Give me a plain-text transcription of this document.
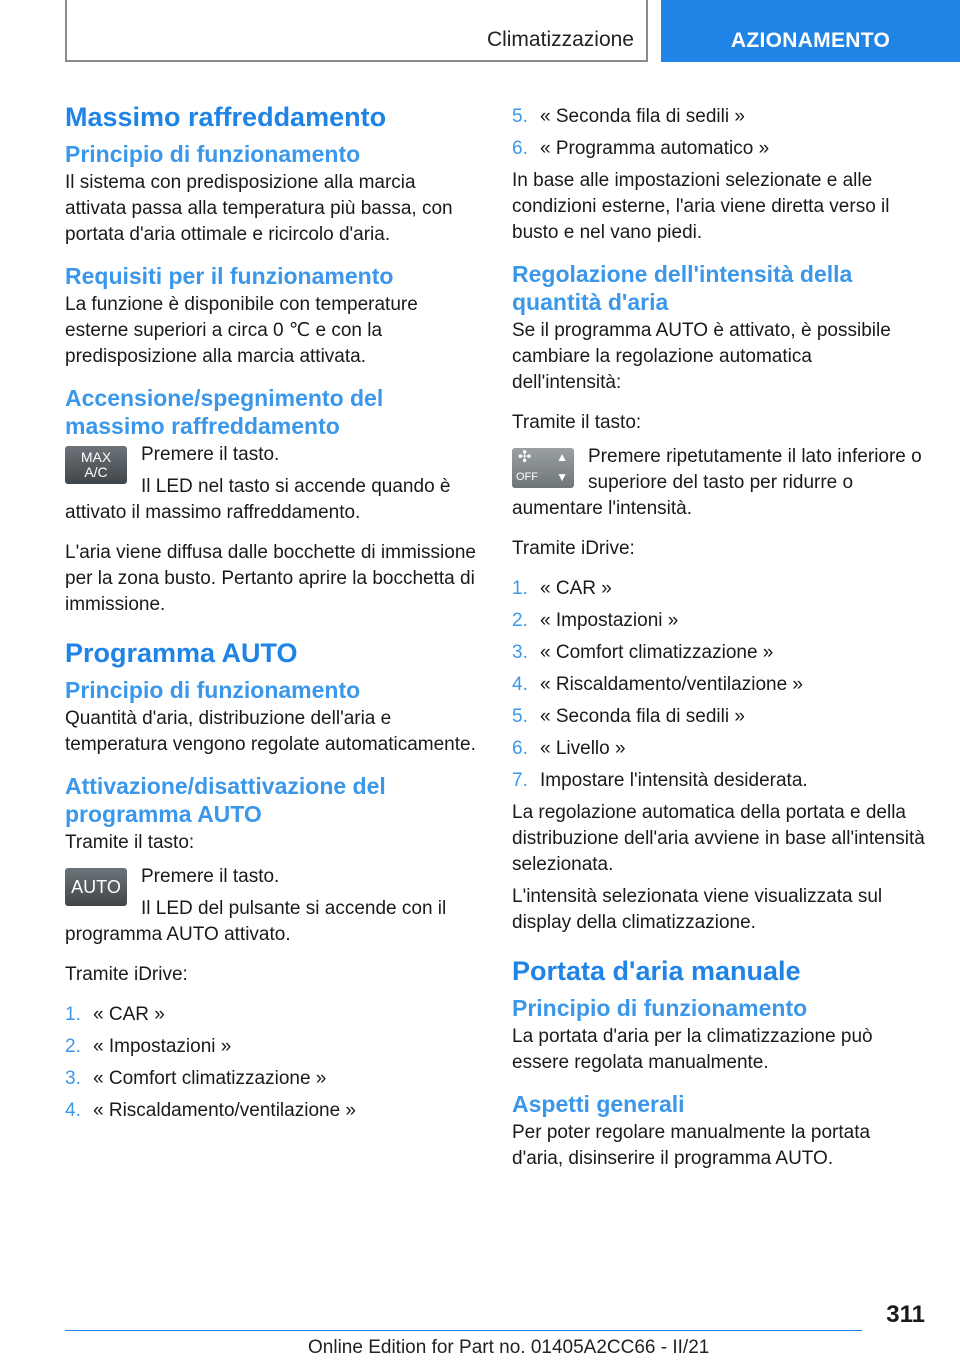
Climatizzazione	AZIONAMENTO
Massimo raffreddamento
Principio di funzionamento

Il sistema con predisposizione alla marcia attivata passa alla temperatura più bassa, con portata d'aria ottimale e ricircolo d'aria.

Requisiti per il funzionamento

La funzione è disponibile con temperature esterne superiori a circa 0 ℃ e con la predisposizione alla marcia attivata.

Accensione/spegnimento del massimo raffreddamento
MAX A/C

Premere il tasto.

Il LED nel tasto si accende quando è attivato il massimo raffreddamento.

L'aria viene diffusa dalle bocchette di immissione per la zona busto. Pertanto aprire la bocchetta di immissione.

Programma AUTO
Principio di funzionamento

Quantità d'aria, distribuzione dell'aria e temperatura vengono regolate automaticamente.

Attivazione/disattivazione del programma AUTO

Tramite il tasto:

AUTO	Premere il tasto.

Il LED del pulsante si accende con il programma AUTO attivato.

Tramite iDrive:

1. « CAR »
2. « Impostazioni »
3. « Comfort climatizzazione »
4. « Riscaldamento/ventilazione »
5. « Seconda fila di sedili »
6. « Programma automatico »

In base alle impostazioni selezionate e alle condizioni esterne, l'aria viene diretta verso il busto e nel vano piedi.

Regolazione dell'intensità della quantità d'aria

Se il programma AUTO è attivato, è possibile cambiare la regolazione automatica dell'intensità:

Tramite il tasto:

✣
OFF
▲
▼

Premere ripetutamente il lato inferiore o superiore del tasto per ridurre o aumentare l'intensità.

Tramite iDrive:

1. « CAR »
2. « Impostazioni »
3. « Comfort climatizzazione »
4. « Riscaldamento/ventilazione »
5. « Seconda fila di sedili »
6. « Livello »
7. Impostare l'intensità desiderata.

La regolazione automatica della portata e della distribuzione dell'aria avviene in base all'intensità selezionata.

L'intensità selezionata viene visualizzata sul display della climatizzazione.

Portata d'aria manuale
Principio di funzionamento

La portata d'aria per la climatizzazione può essere regolata manualmente.

Aspetti generali

Per poter regolare manualmente la portata d'aria, disinserire il programma AUTO.

311
Online Edition for Part no. 01405A2CC66 - II/21
